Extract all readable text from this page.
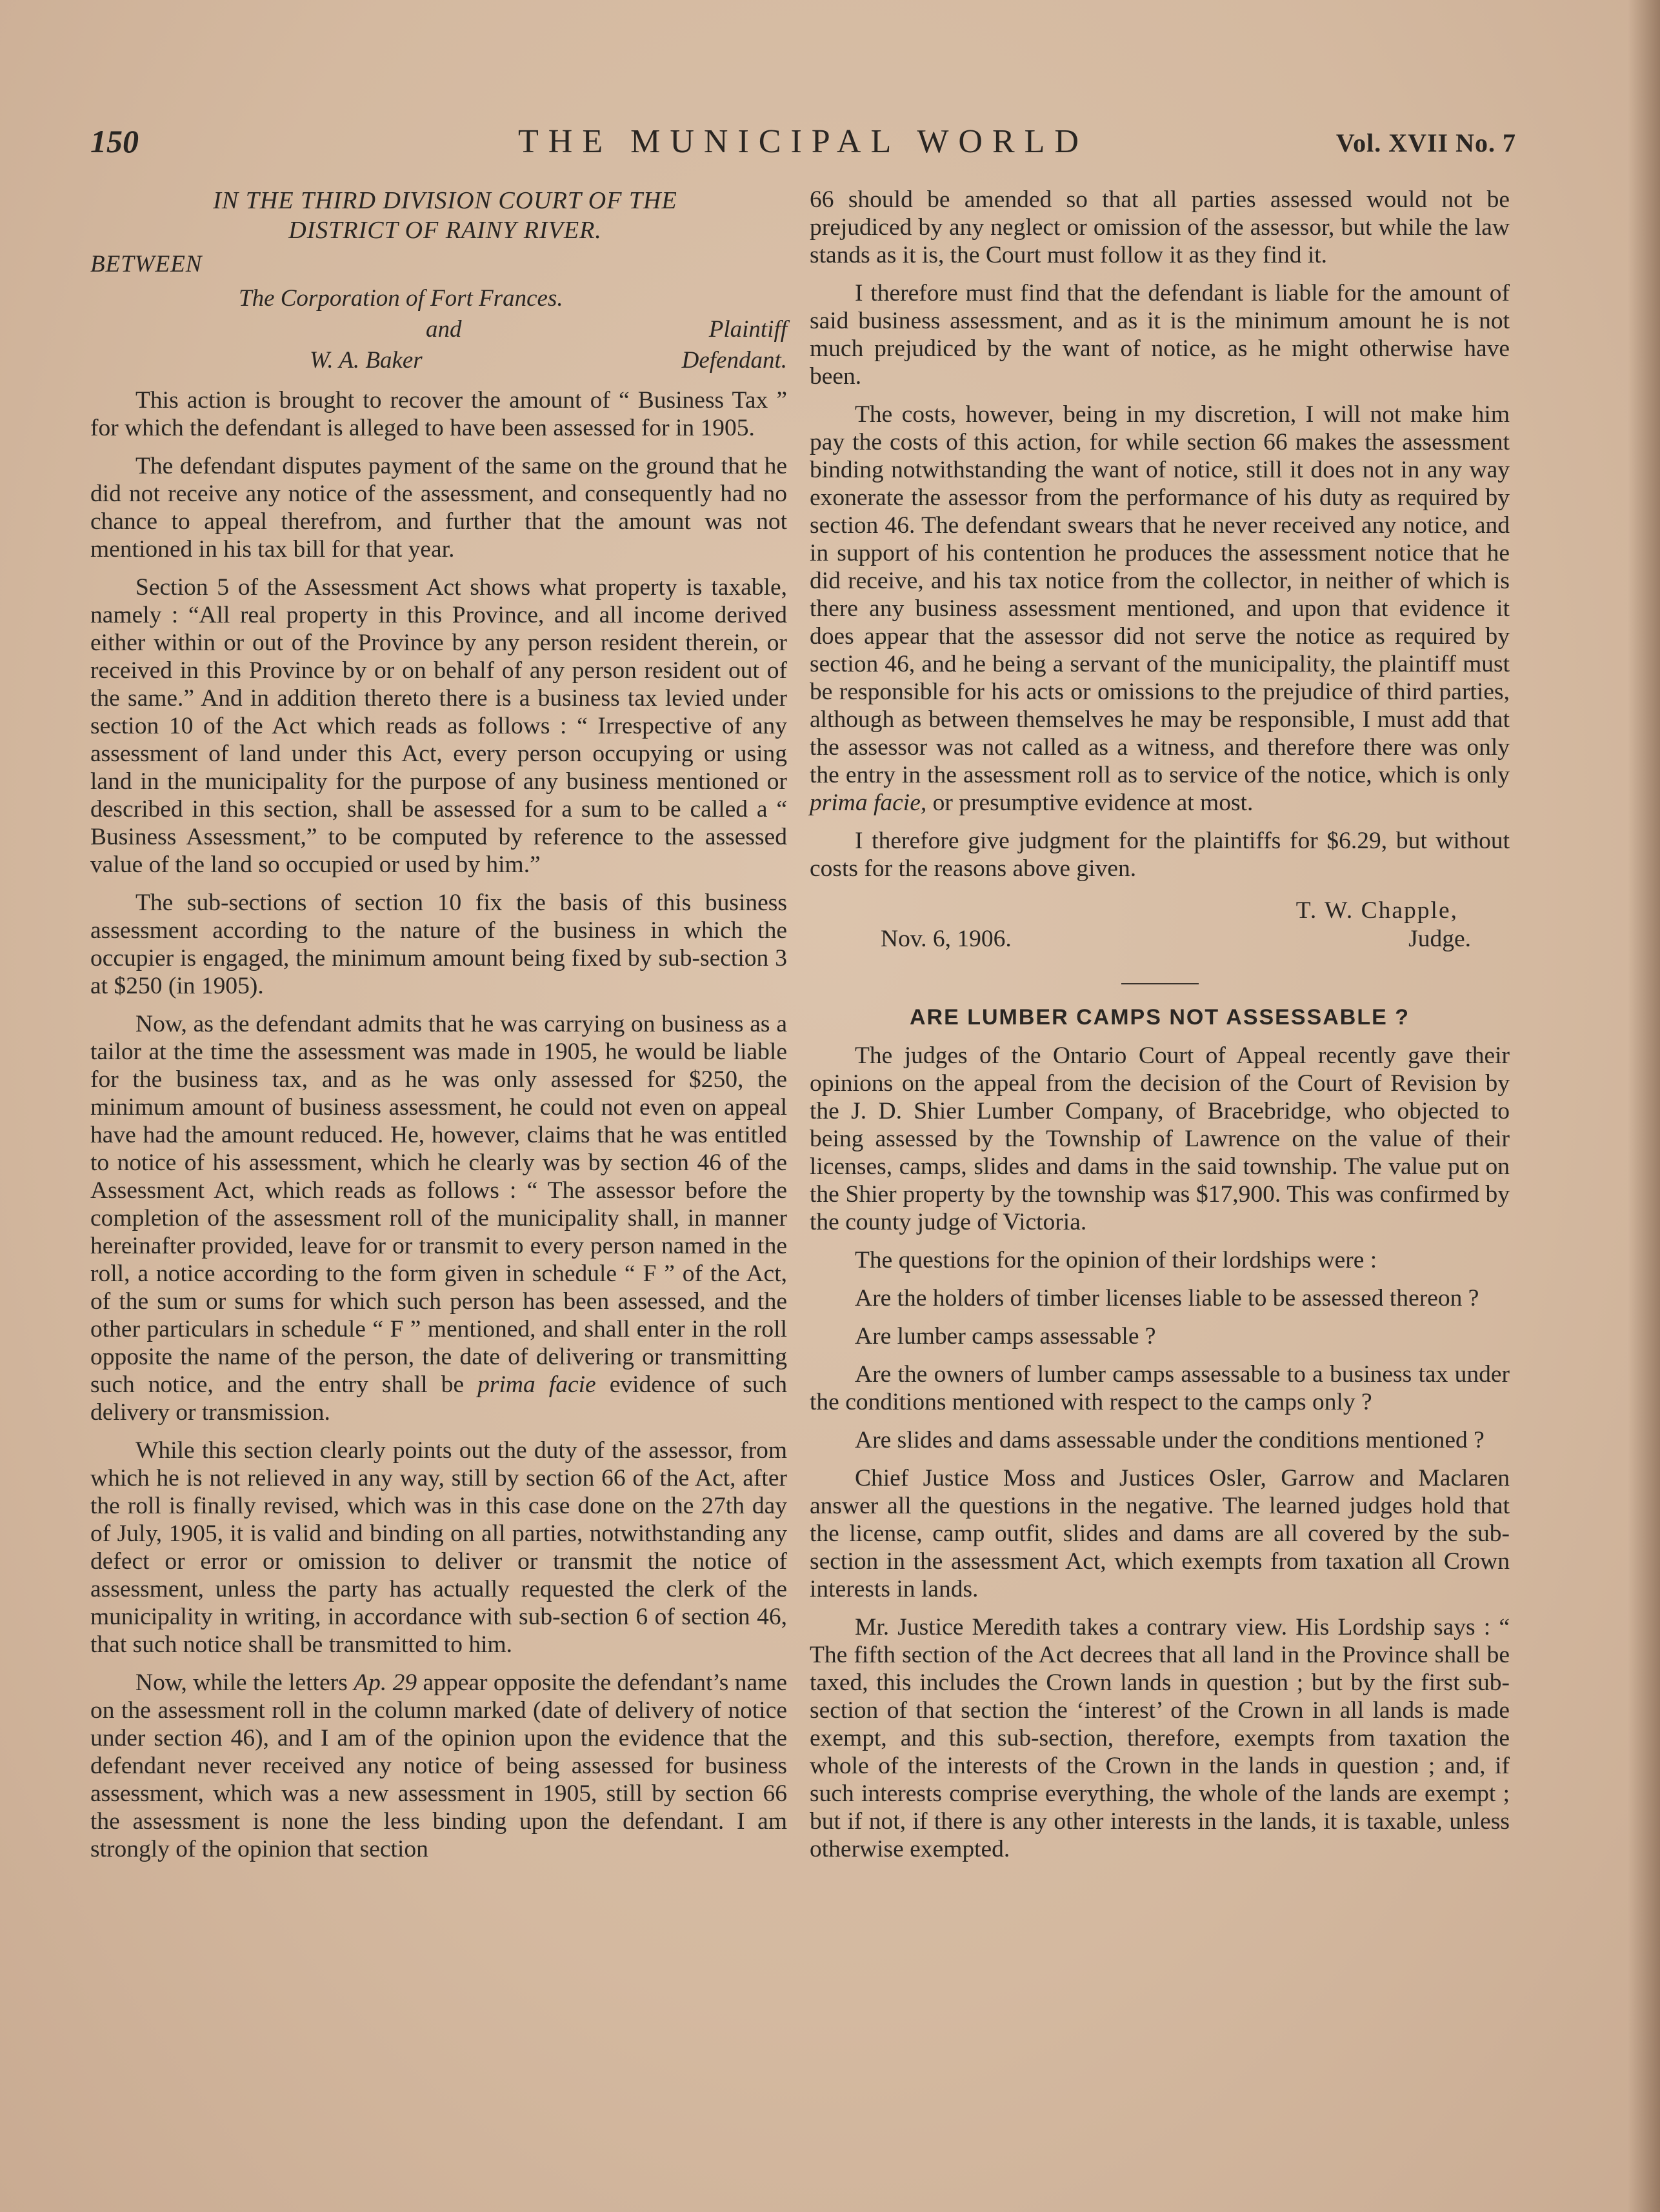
150	THE MUNICIPAL WORLD	Vol. XVII No. 7
IN THE THIRD DIVISION COURT OF THE
DISTRICT OF RAINY RIVER.
BETWEEN
The Corporation of Fort Frances.
and	Plaintiff
W. A. Baker	Defendant.

This action is brought to recover the amount of “ Business Tax ” for which the defendant is alleged to have been assessed for in 1905.

The defendant disputes payment of the same on the ground that he did not receive any notice of the assessment, and consequently had no chance to appeal therefrom, and further that the amount was not mentioned in his tax bill for that year.

Section 5 of the Assessment Act shows what property is taxable, namely : “All real property in this Province, and all income derived either within or out of the Province by any person resident therein, or received in this Province by or on behalf of any person resident out of the same.” And in addition thereto there is a business tax levied under section 10 of the Act which reads as follows : “ Irrespective of any assessment of land under this Act, every person occupying or using land in the municipality for the purpose of any business mentioned or described in this section, shall be assessed for a sum to be called a “ Business Assessment,” to be computed by reference to the assessed value of the land so occupied or used by him.”

The sub-sections of section 10 fix the basis of this business assessment according to the nature of the business in which the occupier is engaged, the minimum amount being fixed by sub-section 3 at $250 (in 1905).

Now, as the defendant admits that he was carrying on business as a tailor at the time the assessment was made in 1905, he would be liable for the business tax, and as he was only assessed for $250, the minimum amount of business assessment, he could not even on appeal have had the amount reduced. He, however, claims that he was entitled to notice of his assessment, which he clearly was by section 46 of the Assessment Act, which reads as follows : “ The assessor before the completion of the assessment roll of the municipality shall, in manner hereinafter provided, leave for or transmit to every person named in the roll, a notice according to the form given in schedule “ F ” of the Act, of the sum or sums for which such person has been assessed, and the other particulars in schedule “ F ” mentioned, and shall enter in the roll opposite the name of the person, the date of delivering or transmitting such notice, and the entry shall be prima facie evidence of such delivery or transmission.

While this section clearly points out the duty of the assessor, from which he is not relieved in any way, still by section 66 of the Act, after the roll is finally revised, which was in this case done on the 27th day of July, 1905, it is valid and binding on all parties, notwithstanding any defect or error or omission to deliver or transmit the notice of assessment, unless the party has actually requested the clerk of the municipality in writing, in accordance with sub-section 6 of section 46, that such notice shall be transmitted to him.

Now, while the letters Ap. 29 appear opposite the defendant’s name on the assessment roll in the column marked (date of delivery of notice under section 46), and I am of the opinion upon the evidence that the defendant never received any notice of being assessed for business assessment, which was a new assessment in 1905, still by section 66 the assessment is none the less binding upon the defendant. I am strongly of the opinion that section

66 should be amended so that all parties assessed would not be prejudiced by any neglect or omission of the assessor, but while the law stands as it is, the Court must follow it as they find it.

I therefore must find that the defendant is liable for the amount of said business assessment, and as it is the minimum amount he is not much prejudiced by the want of notice, as he might otherwise have been.

The costs, however, being in my discretion, I will not make him pay the costs of this action, for while section 66 makes the assessment binding notwithstanding the want of notice, still it does not in any way exonerate the assessor from the performance of his duty as required by section 46. The defendant swears that he never received any notice, and in support of his contention he produces the assessment notice that he did receive, and his tax notice from the collector, in neither of which is there any business assessment mentioned, and upon that evidence it does appear that the assessor did not serve the notice as required by section 46, and he being a servant of the municipality, the plaintiff must be responsible for his acts or omissions to the prejudice of third parties, although as between themselves he may be responsible, I must add that the assessor was not called as a witness, and therefore there was only the entry in the assessment roll as to service of the notice, which is only prima facie, or presumptive evidence at most.

I therefore give judgment for the plaintiffs for $6.29, but without costs for the reasons above given.

T. W. Chapple,
Nov. 6, 1906.	Judge.
ARE LUMBER CAMPS NOT ASSESSABLE ?

The judges of the Ontario Court of Appeal recently gave their opinions on the appeal from the decision of the Court of Revision by the J. D. Shier Lumber Company, of Bracebridge, who objected to being assessed by the Township of Lawrence on the value of their licenses, camps, slides and dams in the said township. The value put on the Shier property by the township was $17,900. This was confirmed by the county judge of Victoria.

The questions for the opinion of their lordships were :

Are the holders of timber licenses liable to be assessed thereon ?

Are lumber camps assessable ?

Are the owners of lumber camps assessable to a business tax under the conditions mentioned with respect to the camps only ?

Are slides and dams assessable under the conditions mentioned ?

Chief Justice Moss and Justices Osler, Garrow and Maclaren answer all the questions in the negative. The learned judges hold that the license, camp outfit, slides and dams are all covered by the sub-section in the assessment Act, which exempts from taxation all Crown interests in lands.

Mr. Justice Meredith takes a contrary view. His Lordship says : “ The fifth section of the Act decrees that all land in the Province shall be taxed, this includes the Crown lands in question ; but by the first sub-section of that section the ‘interest’ of the Crown in all lands is made exempt, and this sub-section, therefore, exempts from taxation the whole of the interests of the Crown in the lands in question ; and, if such interests comprise everything, the whole of the lands are exempt ; but if not, if there is any other interests in the lands, it is taxable, unless otherwise exempted.
